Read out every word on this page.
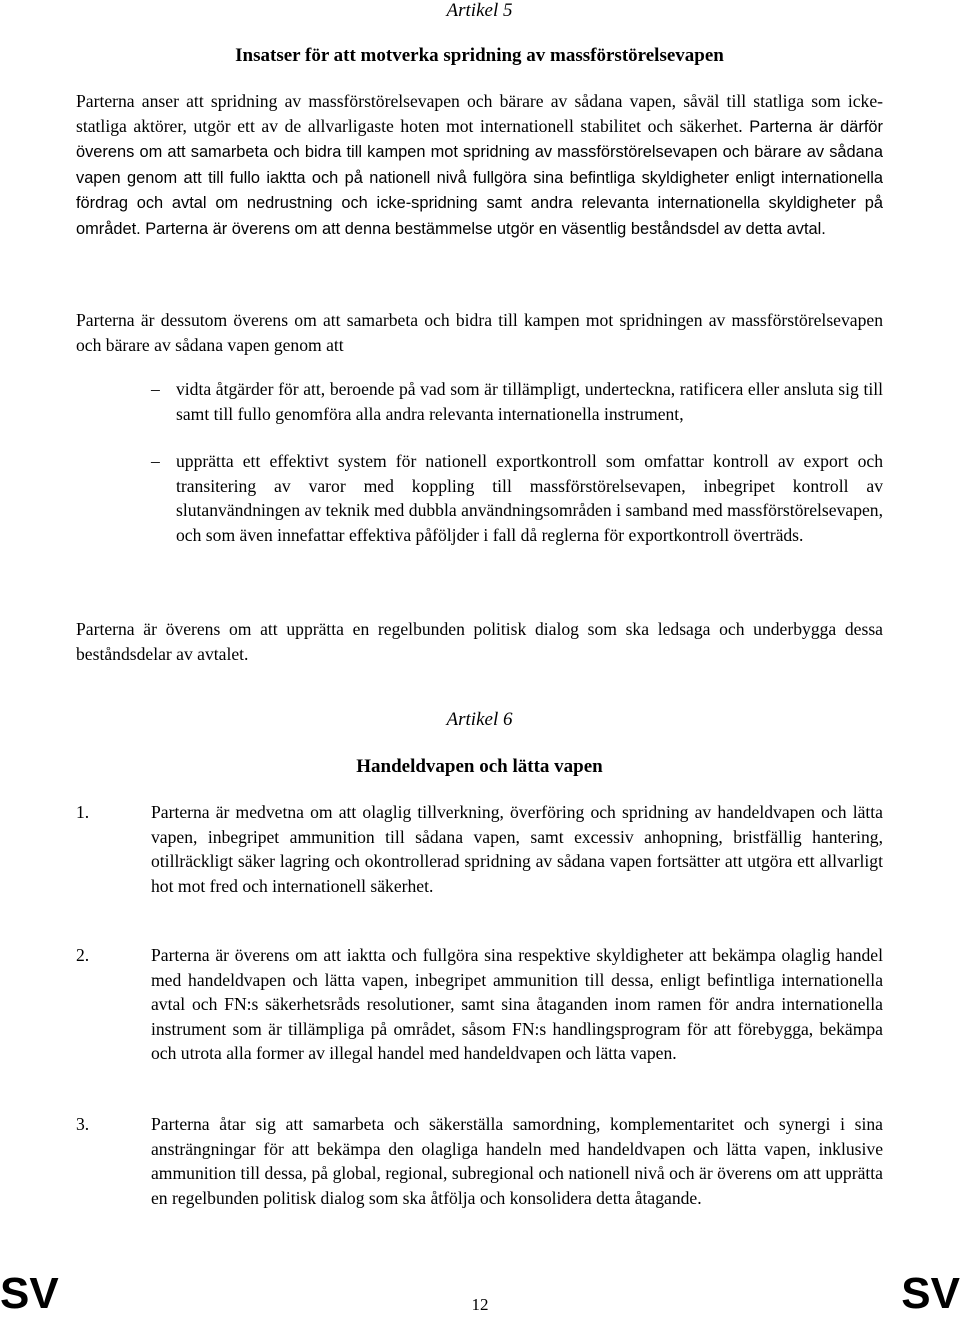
Artikel 5
Insatser för att motverka spridning av massförstörelsevapen

Parterna anser att spridning av massförstörelsevapen och bärare av sådana vapen, såväl till statliga som icke-statliga aktörer, utgör ett av de allvarligaste hoten mot internationell stabilitet och säkerhet. Parterna är därför överens om att samarbeta och bidra till kampen mot spridning av massförstörelsevapen och bärare av sådana vapen genom att till fullo iaktta och på nationell nivå fullgöra sina befintliga skyldigheter enligt internationella fördrag och avtal om nedrustning och icke-spridning samt andra relevanta internationella skyldigheter på området. Parterna är överens om att denna bestämmelse utgör en väsentlig beståndsdel av detta avtal.

Parterna är dessutom överens om att samarbeta och bidra till kampen mot spridningen av massförstörelsevapen och bärare av sådana vapen genom att

– vidta åtgärder för att, beroende på vad som är tillämpligt, underteckna, ratificera eller ansluta sig till samt till fullo genomföra alla andra relevanta internationella instrument,

– upprätta ett effektivt system för nationell exportkontroll som omfattar kontroll av export och transitering av varor med koppling till massförstörelsevapen, inbegripet kontroll av slutanvändningen av teknik med dubbla användningsområden i samband med massförstörelsevapen, och som även innefattar effektiva påföljder i fall då reglerna för exportkontroll överträds.

Parterna är överens om att upprätta en regelbunden politisk dialog som ska ledsaga och underbygga dessa beståndsdelar av avtalet.

Artikel 6
Handeldvapen och lätta vapen

1.	Parterna är medvetna om att olaglig tillverkning, överföring och spridning av handeldvapen och lätta vapen, inbegripet ammunition till sådana vapen, samt excessiv anhopning, bristfällig hantering, otillräckligt säker lagring och okontrollerad spridning av sådana vapen fortsätter att utgöra ett allvarligt hot mot fred och internationell säkerhet.

2.	Parterna är överens om att iaktta och fullgöra sina respektive skyldigheter att bekämpa olaglig handel med handeldvapen och lätta vapen, inbegripet ammunition till dessa, enligt befintliga internationella avtal och FN:s säkerhetsråds resolutioner, samt sina åtaganden inom ramen för andra internationella instrument som är tillämpliga på området, såsom FN:s handlingsprogram för att förebygga, bekämpa och utrota alla former av illegal handel med handeldvapen och lätta vapen.

3.	Parterna åtar sig att samarbeta och säkerställa samordning, komplementaritet och synergi i sina ansträngningar för att bekämpa den olagliga handeln med handeldvapen och lätta vapen, inklusive ammunition till dessa, på global, regional, subregional och nationell nivå och är överens om att upprätta en regelbunden politisk dialog som ska åtfölja och konsolidera detta åtagande.

SV	SV
12
